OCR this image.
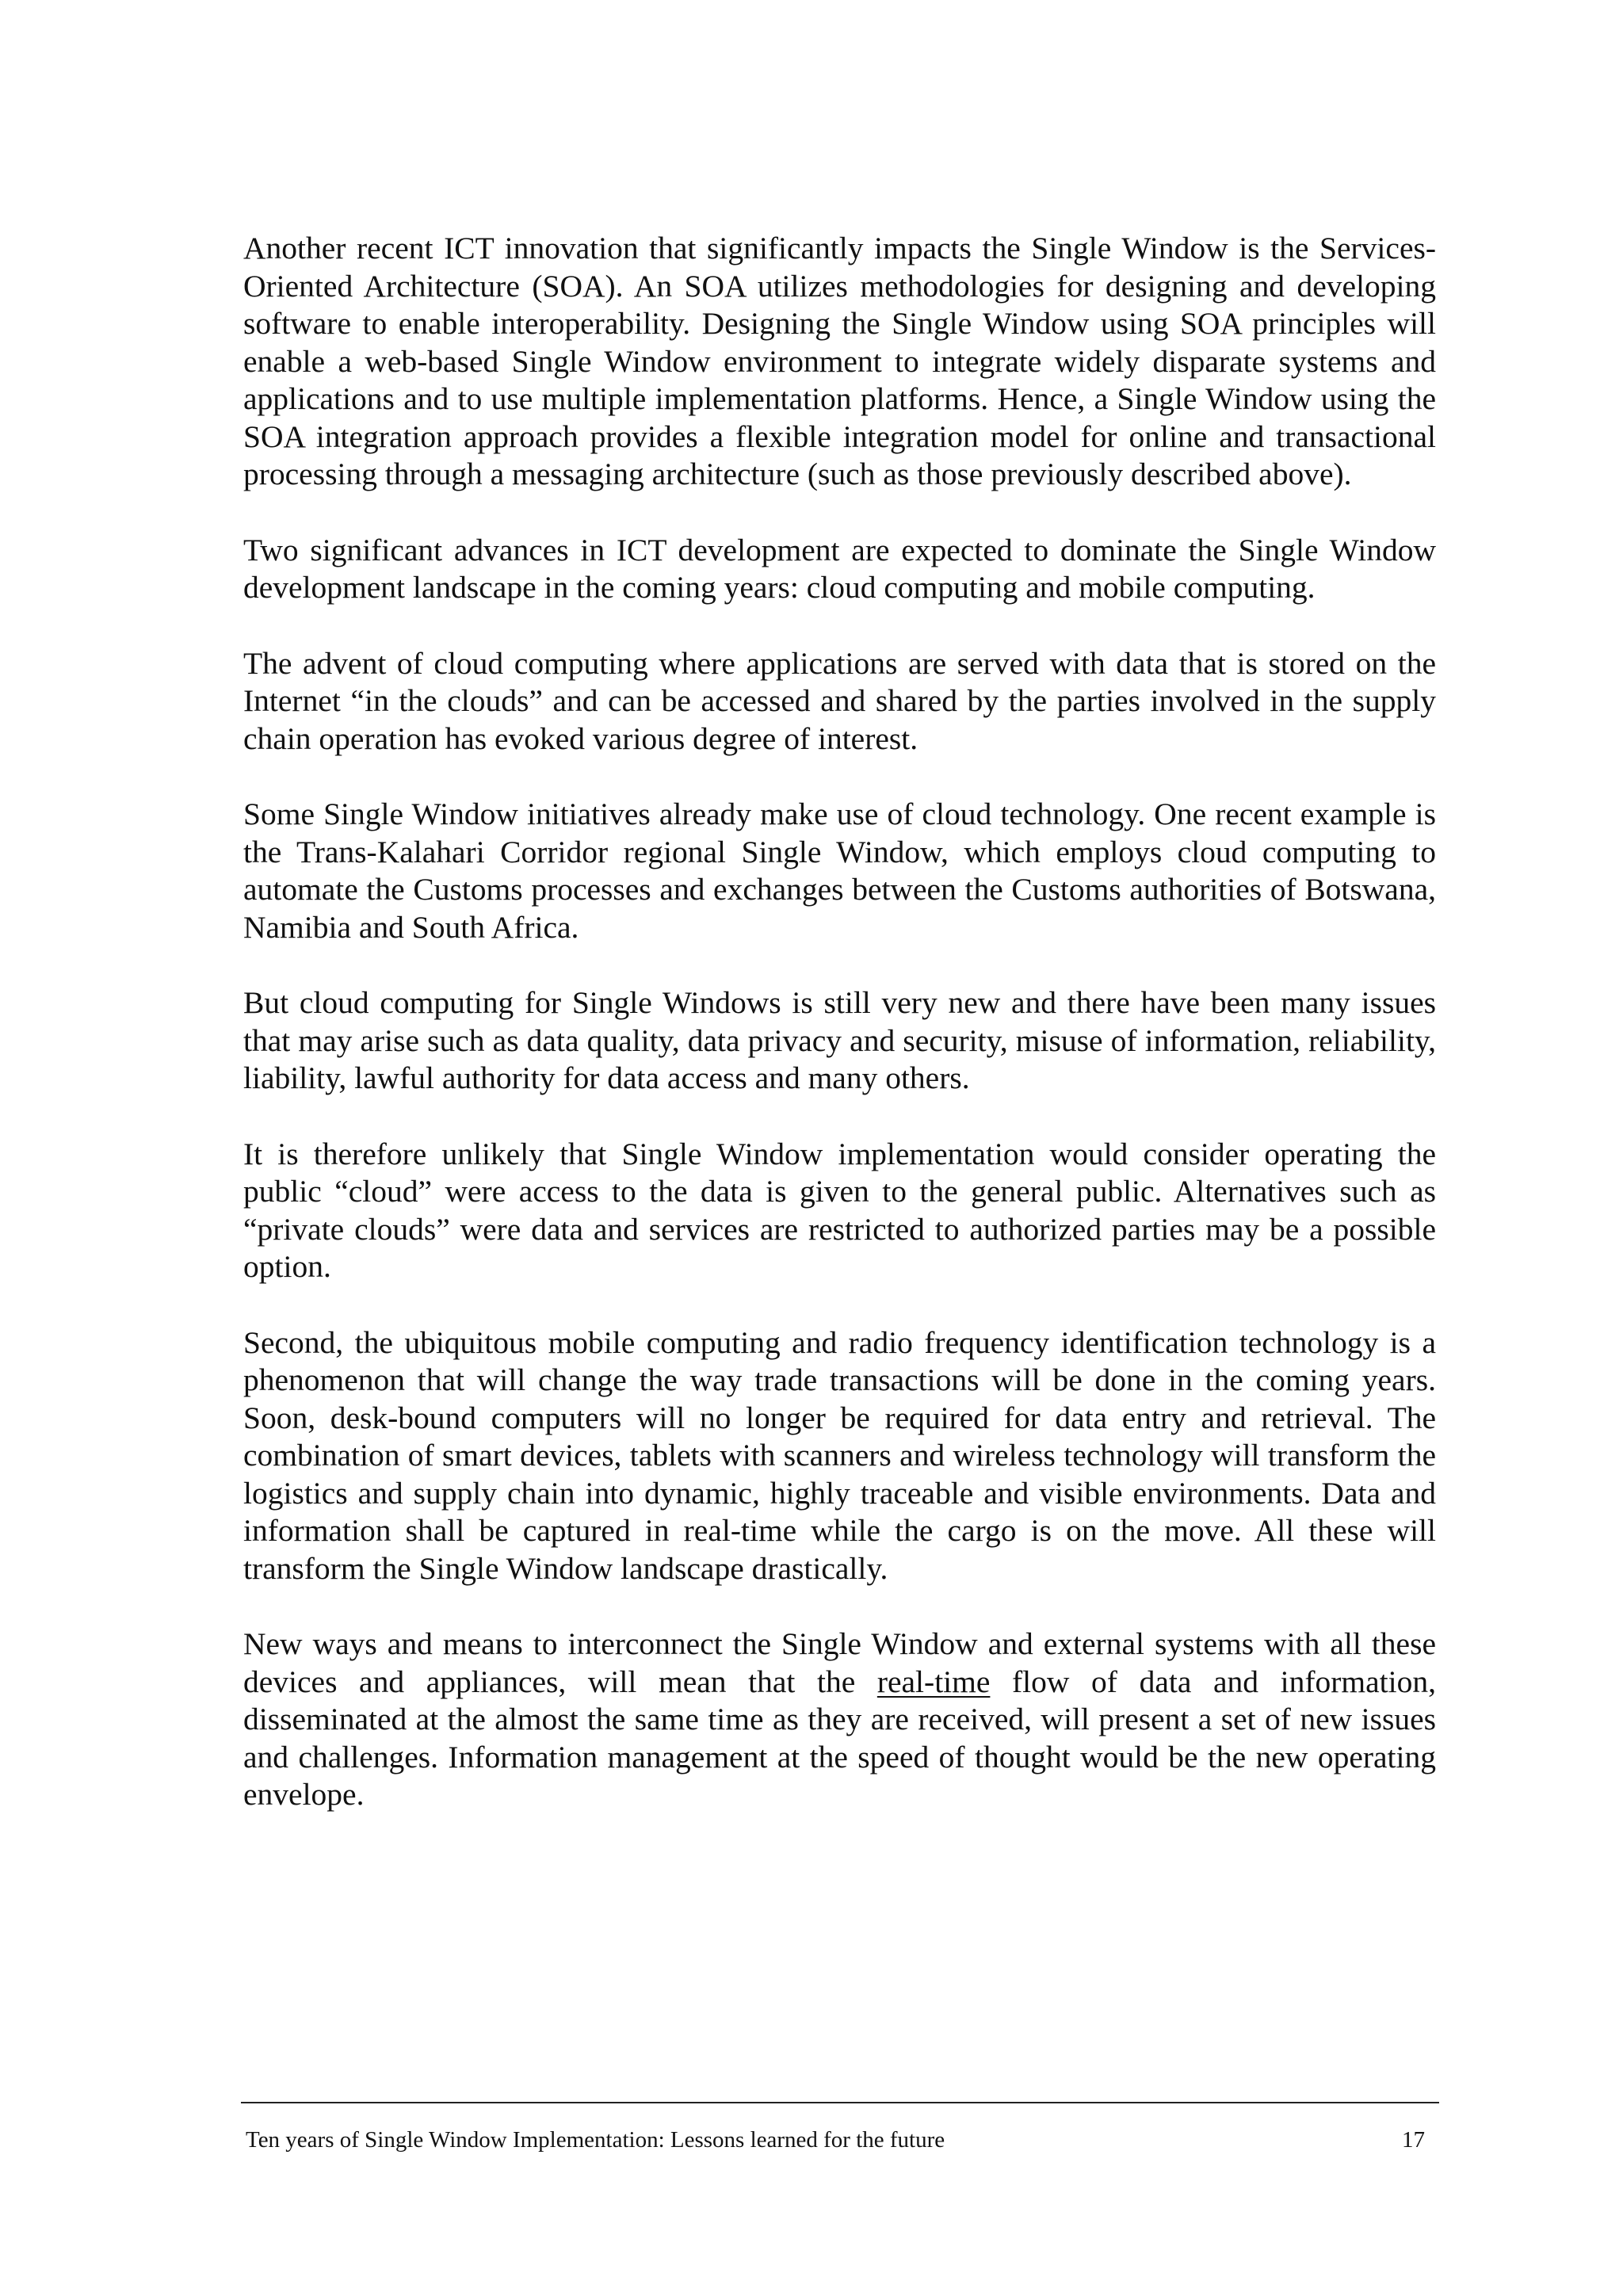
Another recent ICT innovation that significantly impacts the Single Window is the Services-Oriented Architecture (SOA). An SOA utilizes methodologies for designing and developing software to enable interoperability. Designing the Single Window using SOA principles will enable a web-based Single Window environment to integrate widely disparate systems and applications and to use multiple implementation platforms. Hence, a Single Window using the SOA integration approach provides a flexible integration model for online and transactional processing through a messaging architecture (such as those previously described above).

Two significant advances in ICT development are expected to dominate the Single Window development landscape in the coming years: cloud computing and mobile computing.

The advent of cloud computing where applications are served with data that is stored on the Internet “in the clouds” and can be accessed and shared by the parties involved in the supply chain operation has evoked various degree of interest.

Some Single Window initiatives already make use of cloud technology. One recent example is the Trans-Kalahari Corridor regional Single Window, which employs cloud computing to automate the Customs processes and exchanges between the Customs authorities of Botswana, Namibia and South Africa.

But cloud computing for Single Windows is still very new and there have been many issues that may arise such as data quality, data privacy and security, misuse of information, reliability, liability, lawful authority for data access and many others.

It is therefore unlikely that Single Window implementation would consider operating the public “cloud” were access to the data is given to the general public. Alternatives such as “private clouds” were data and services are restricted to authorized parties may be a possible option.

Second, the ubiquitous mobile computing and radio frequency identification technology is a phenomenon that will change the way trade transactions will be done in the coming years. Soon, desk-bound computers will no longer be required for data entry and retrieval. The combination of smart devices, tablets with scanners and wireless technology will transform the logistics and supply chain into dynamic, highly traceable and visible environments. Data and information shall be captured in real-time while the cargo is on the move. All these will transform the Single Window landscape drastically.

New ways and means to interconnect the Single Window and external systems with all these devices and appliances, will mean that the real-time flow of data and information, disseminated at the almost the same time as they are received, will present a set of new issues and challenges. Information management at the speed of thought would be the new operating envelope.

Ten years of Single Window Implementation: Lessons learned for the future	17
